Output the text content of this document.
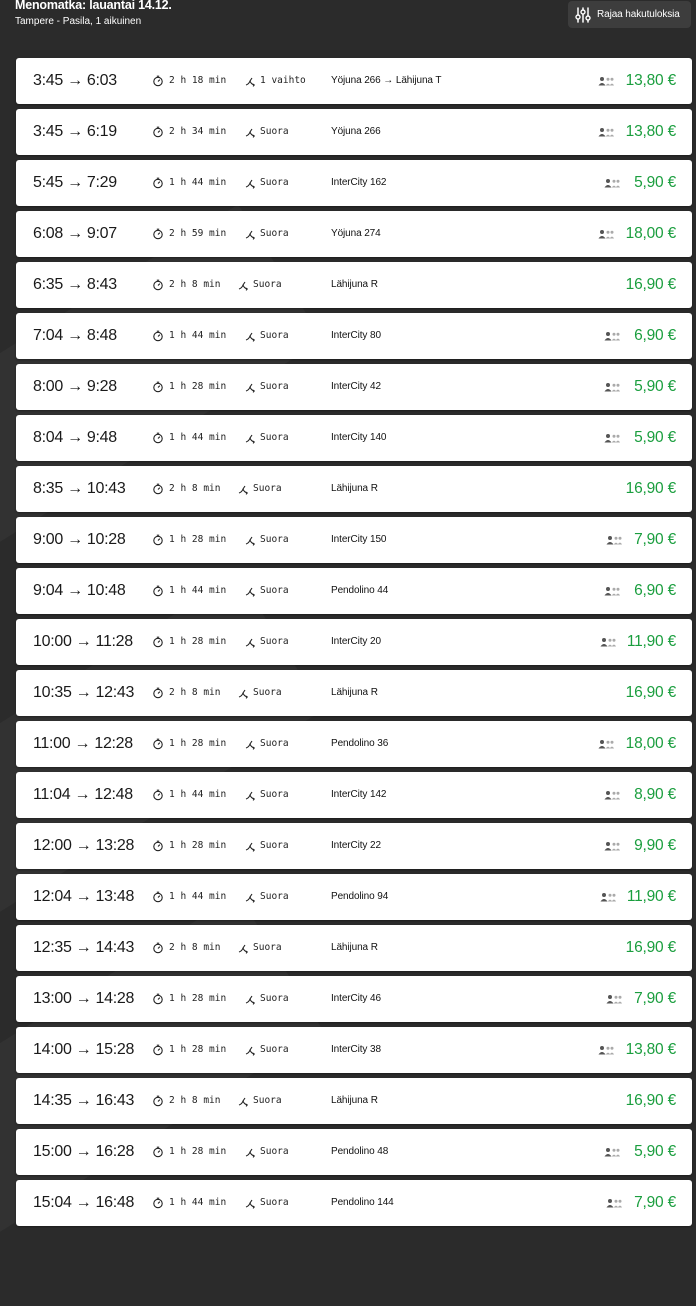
Menomatka: lauantai 14.12.
Tampere - Pasila, 1 aikuinen
Rajaa hakutuloksia
3:45 → 6:03	2 h 18 min	1 vaihto	Yöjuna 266 → Lähijuna T	13,80 €
3:45 → 6:19	2 h 34 min	Suora	Yöjuna 266	13,80 €
5:45 → 7:29	1 h 44 min	Suora	InterCity 162	5,90 €
6:08 → 9:07	2 h 59 min	Suora	Yöjuna 274	18,00 €
6:35 → 8:43	2 h 8 min	Suora	Lähijuna R	16,90 €
7:04 → 8:48	1 h 44 min	Suora	InterCity 80	6,90 €
8:00 → 9:28	1 h 28 min	Suora	InterCity 42	5,90 €
8:04 → 9:48	1 h 44 min	Suora	InterCity 140	5,90 €
8:35 → 10:43	2 h 8 min	Suora	Lähijuna R	16,90 €
9:00 → 10:28	1 h 28 min	Suora	InterCity 150	7,90 €
9:04 → 10:48	1 h 44 min	Suora	Pendolino 44	6,90 €
10:00 → 11:28	1 h 28 min	Suora	InterCity 20	11,90 €
10:35 → 12:43	2 h 8 min	Suora	Lähijuna R	16,90 €
11:00 → 12:28	1 h 28 min	Suora	Pendolino 36	18,00 €
11:04 → 12:48	1 h 44 min	Suora	InterCity 142	8,90 €
12:00 → 13:28	1 h 28 min	Suora	InterCity 22	9,90 €
12:04 → 13:48	1 h 44 min	Suora	Pendolino 94	11,90 €
12:35 → 14:43	2 h 8 min	Suora	Lähijuna R	16,90 €
13:00 → 14:28	1 h 28 min	Suora	InterCity 46	7,90 €
14:00 → 15:28	1 h 28 min	Suora	InterCity 38	13,80 €
14:35 → 16:43	2 h 8 min	Suora	Lähijuna R	16,90 €
15:00 → 16:28	1 h 28 min	Suora	Pendolino 48	5,90 €
15:04 → 16:48	1 h 44 min	Suora	Pendolino 144	7,90 €
